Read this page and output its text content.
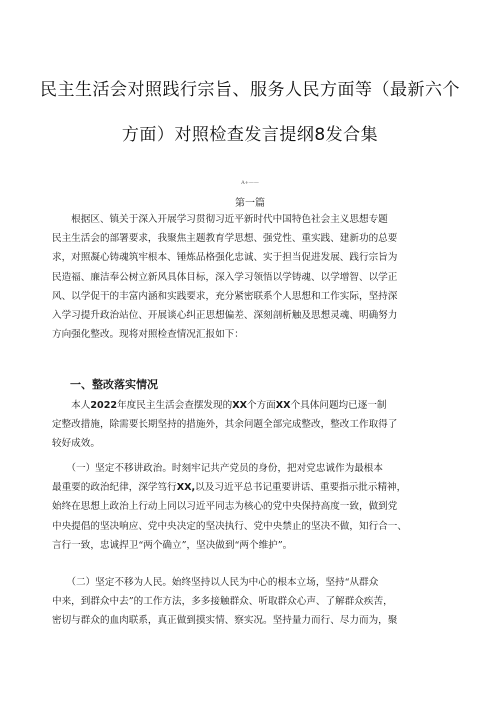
民主生活会对照践行宗旨、服务人民方面等（最新六个
方面）对照检查发言提纲8发合集
A+——
第一篇
　　根据区、镇关于深入开展学习贯彻习近平新时代中国特色社会主义思想专题
民主生活会的部署要求，我聚焦主题教育学思想、强党性、重实践、建新功的总要
求，对照凝心铸魂筑牢根本、锤炼品格强化忠诚、实于担当促进发展、践行宗旨为
民造福、廉洁奉公树立新风具体目标，深入学习领悟以学铸魂、以学增智、以学正
风、以学促干的丰富内涵和实践要求，充分紧密联系个人思想和工作实际，坚持深
入学习提升政治站位、开展谈心纠正思想偏差、深刻剖析触及思想灵魂、明确努力
方向强化整改。现将对照检查情况汇报如下：
一、整改落实情况
　　本人2022年度民主生活会查摆发现的XX个方面XX个具体问题均已逐一制
定整改措施，除需要长期坚持的措施外，其余问题全部完成整改，整改工作取得了
较好成效。
　　（一）坚定不移讲政治。时刻牢记共产党员的身份，把对党忠诚作为最根本
最重要的政治纪律，深学笃行XX,以及习近平总书记重要讲话、重要指示批示精神，
始终在思想上政治上行动上同以习近平同志为核心的党中央保持高度一致，做到党
中央提倡的坚决响应、党中央决定的坚决执行、党中央禁止的坚决不做，知行合一、
言行一致，忠诚捍卫“两个确立”，坚决做到“两个维护”。
　　（二）坚定不移为人民。始终坚持以人民为中心的根本立场，坚持“从群众
中来，到群众中去”的工作方法，多多接触群众、听取群众心声、了解群众疾苦，
密切与群众的血肉联系，真正做到摸实情、察实况。坚持量力而行、尽力而为，聚
